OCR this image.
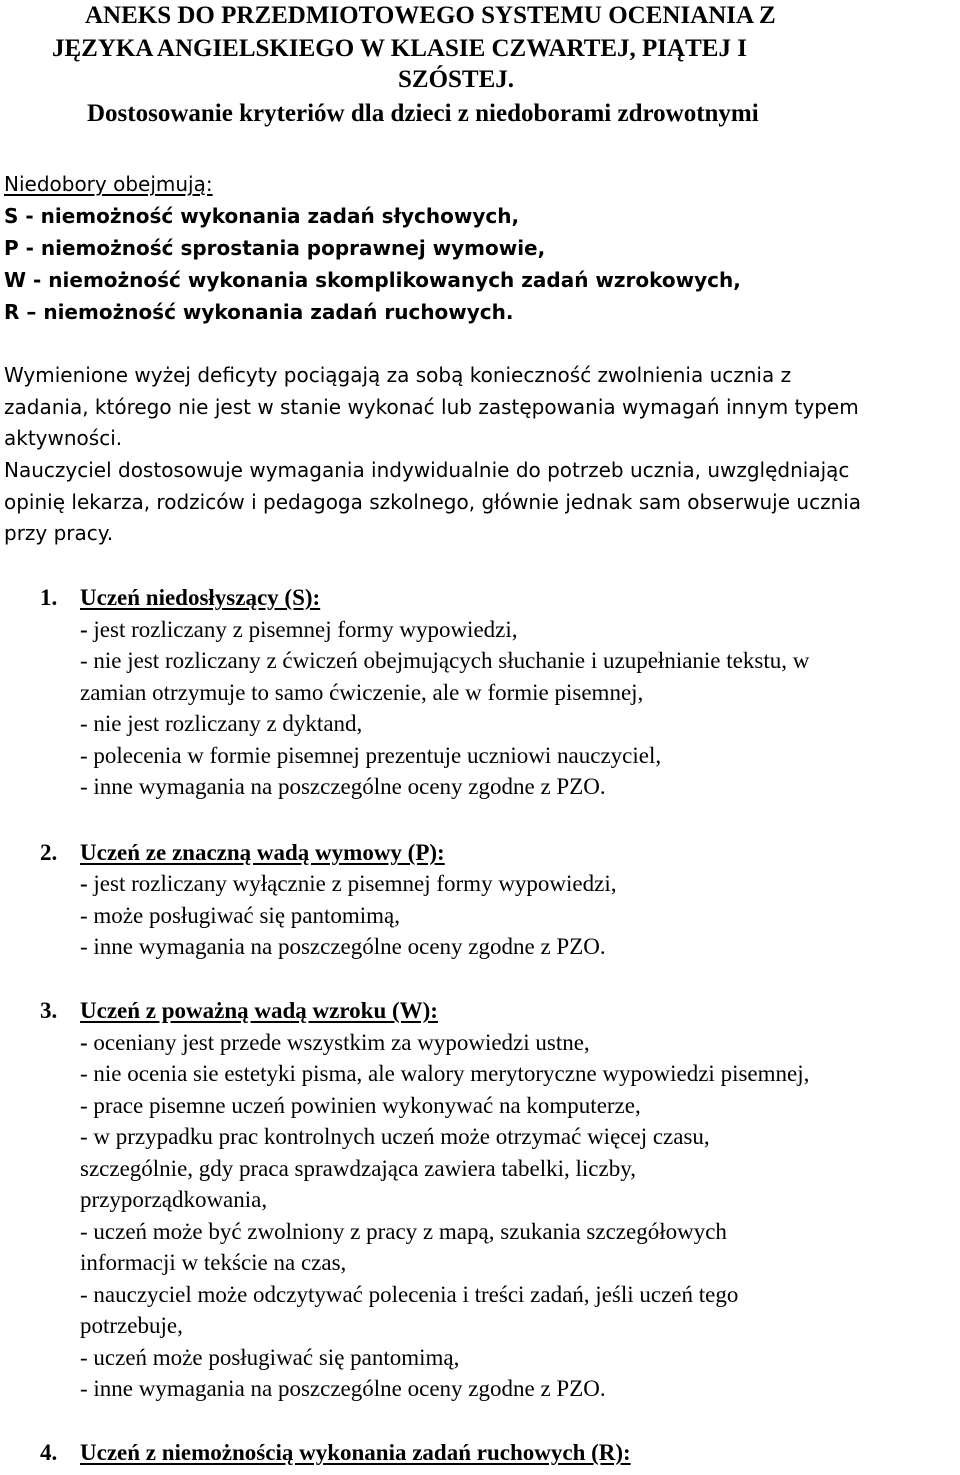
ANEKS DO PRZEDMIOTOWEGO SYSTEMU OCENIANIA Z

JĘZYKA ANGIELSKIEGO W KLASIE CZWARTEJ, PIĄTEJ I

SZÓSTEJ.

Dostosowanie kryteriów dla dzieci z niedoborami zdrowotnymi

Niedobory obejmują:

S - niemożność wykonania zadań słychowych,

P - niemożność sprostania poprawnej wymowie,

W - niemożność wykonania skomplikowanych zadań wzrokowych,

R – niemożność wykonania zadań ruchowych.

Wymienione wyżej deficyty pociągają za sobą konieczność zwolnienia ucznia z

zadania, którego nie jest w stanie wykonać lub zastępowania wymagań innym typem

aktywności.

Nauczyciel dostosowuje wymagania indywidualnie do potrzeb ucznia, uwzględniając

opinię lekarza, rodziców i pedagoga szkolnego, głównie jednak sam obserwuje ucznia

przy pracy.

1. Uczeń niedosłyszący (S):

- jest rozliczany z pisemnej formy wypowiedzi,

- nie jest rozliczany z ćwiczeń obejmujących słuchanie i uzupełnianie tekstu, w

zamian otrzymuje to samo ćwiczenie, ale w formie pisemnej,

- nie jest rozliczany z dyktand,

- polecenia w formie pisemnej prezentuje uczniowi nauczyciel,

- inne wymagania na poszczególne oceny zgodne z PZO.

2. Uczeń ze znaczną wadą wymowy (P):

- jest rozliczany wyłącznie z pisemnej formy wypowiedzi,

- może posługiwać się pantomimą,

- inne wymagania na poszczególne oceny zgodne z PZO.

3. Uczeń z poważną wadą wzroku (W):

- oceniany jest przede wszystkim za wypowiedzi ustne,

- nie ocenia sie estetyki pisma, ale walory merytoryczne wypowiedzi pisemnej,

- prace pisemne uczeń powinien wykonywać na komputerze,

- w przypadku prac kontrolnych uczeń może otrzymać więcej czasu,

szczególnie, gdy praca sprawdzająca zawiera tabelki, liczby,

przyporządkowania,

- uczeń może być zwolniony z pracy z mapą, szukania szczegółowych

informacji w tekście na czas,

- nauczyciel może odczytywać polecenia i treści zadań, jeśli uczeń tego

potrzebuje,

- uczeń może posługiwać się pantomimą,

- inne wymagania na poszczególne oceny zgodne z PZO.

4. Uczeń z niemożnością wykonania zadań ruchowych (R):
